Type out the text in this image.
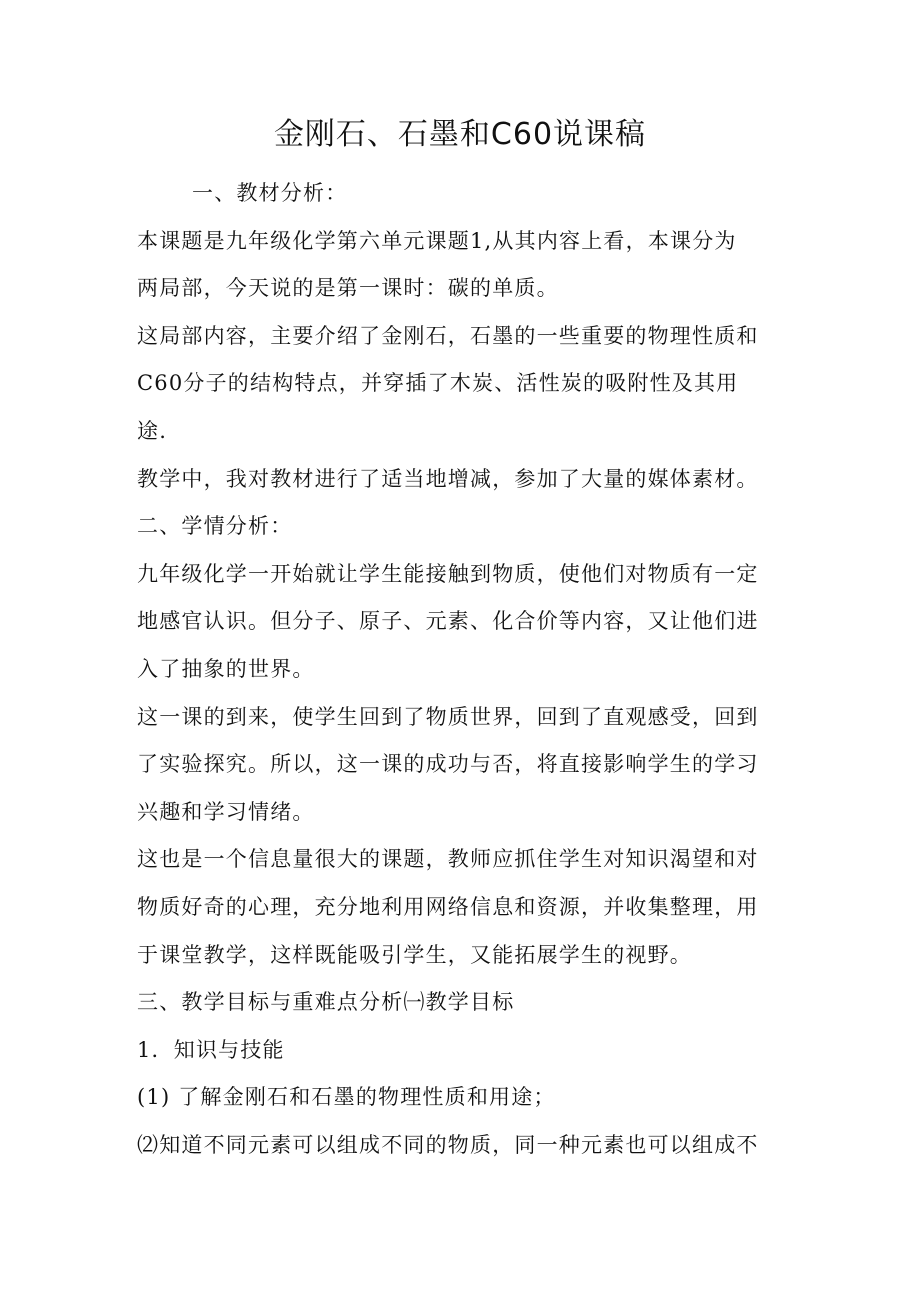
金刚石、石墨和C60说课稿

一、教材分析：

本课题是九年级化学第六单元课题1,从其内容上看，本课分为

两局部，今天说的是第一课时：碳的单质。

这局部内容，主要介绍了金刚石，石墨的一些重要的物理性质和

C60分子的结构特点，并穿插了木炭、活性炭的吸附性及其用

途.

教学中，我对教材进行了适当地增减，参加了大量的媒体素材。

二、学情分析：

九年级化学一开始就让学生能接触到物质，使他们对物质有一定

地感官认识。但分子、原子、元素、化合价等内容，又让他们进

入了抽象的世界。

这一课的到来，使学生回到了物质世界，回到了直观感受，回到

了实验探究。所以，这一课的成功与否，将直接影响学生的学习

兴趣和学习情绪。

这也是一个信息量很大的课题，教师应抓住学生对知识渴望和对

物质好奇的心理，充分地利用网络信息和资源，并收集整理，用

于课堂教学，这样既能吸引学生，又能拓展学生的视野。

三、教学目标与重难点分析㈠教学目标

1．知识与技能

(1) 了解金刚石和石墨的物理性质和用途；

⑵知道不同元素可以组成不同的物质，同一种元素也可以组成不
